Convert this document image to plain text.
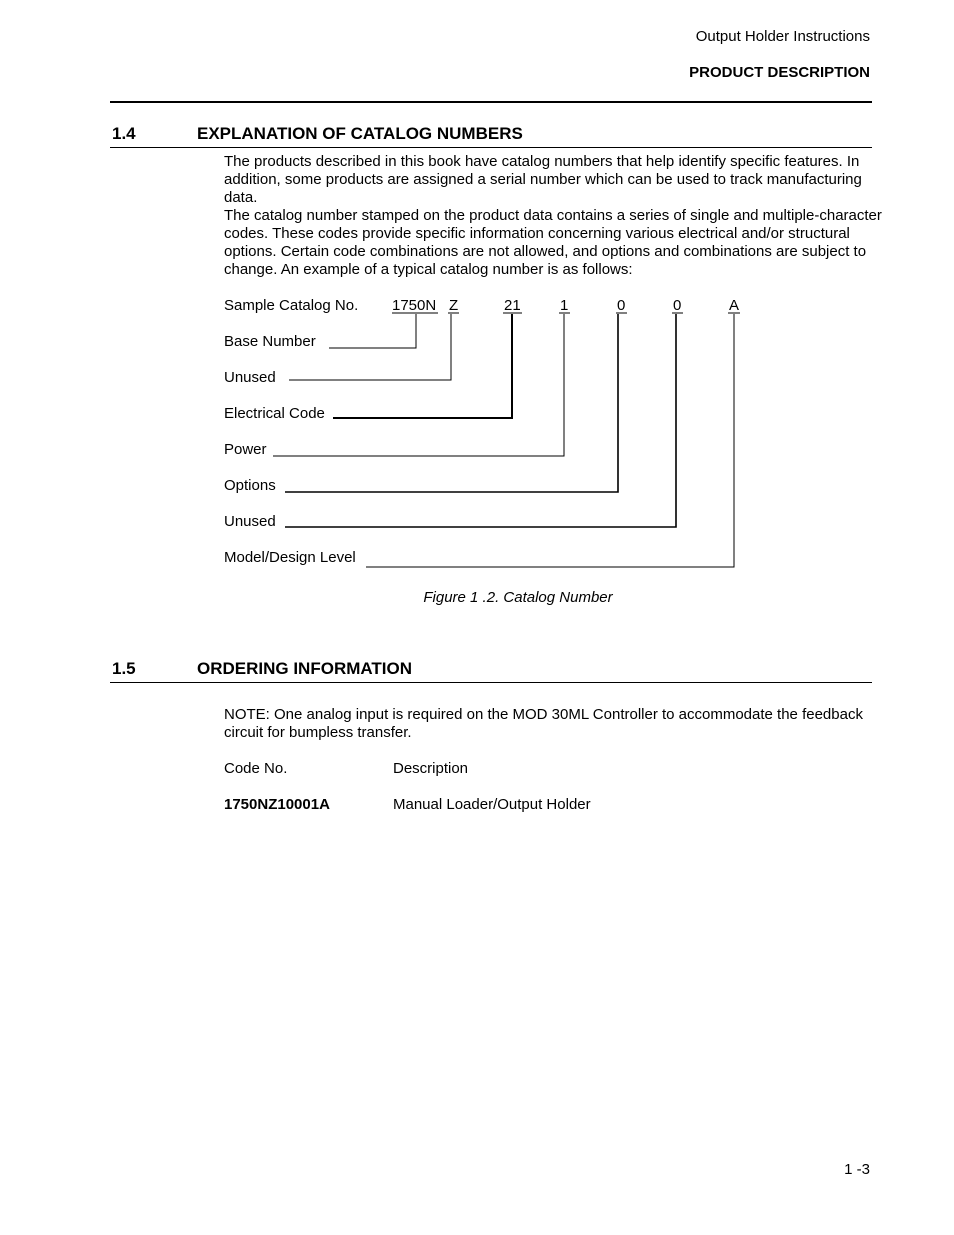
Output Holder Instructions
PRODUCT DESCRIPTION
1.4	EXPLANATION OF CATALOG NUMBERS
The products described in this book have catalog numbers that help identify specific features. In addition, some products are assigned a serial number which can be used to track manufacturing data.
The catalog number stamped on the product data contains a series of single and multiple-character codes. These codes provide specific information concerning various electrical and/or structural options. Certain code combinations are not allowed, and options and combinations are subject to change. An example of a typical catalog number is as follows:
Sample Catalog No. 1750N Z	21	1	0	0	A
Base Number
Unused
Electrical Code
Power
Options
Unused
Model/Design Level
Figure 1 .2. Catalog Number
1.5	ORDERING INFORMATION
NOTE: One analog input is required on the MOD 30ML Controller to accommodate the feedback circuit for bumpless transfer.
Code No.	Description
1750NZ10001A	Manual Loader/Output Holder
1 -3
